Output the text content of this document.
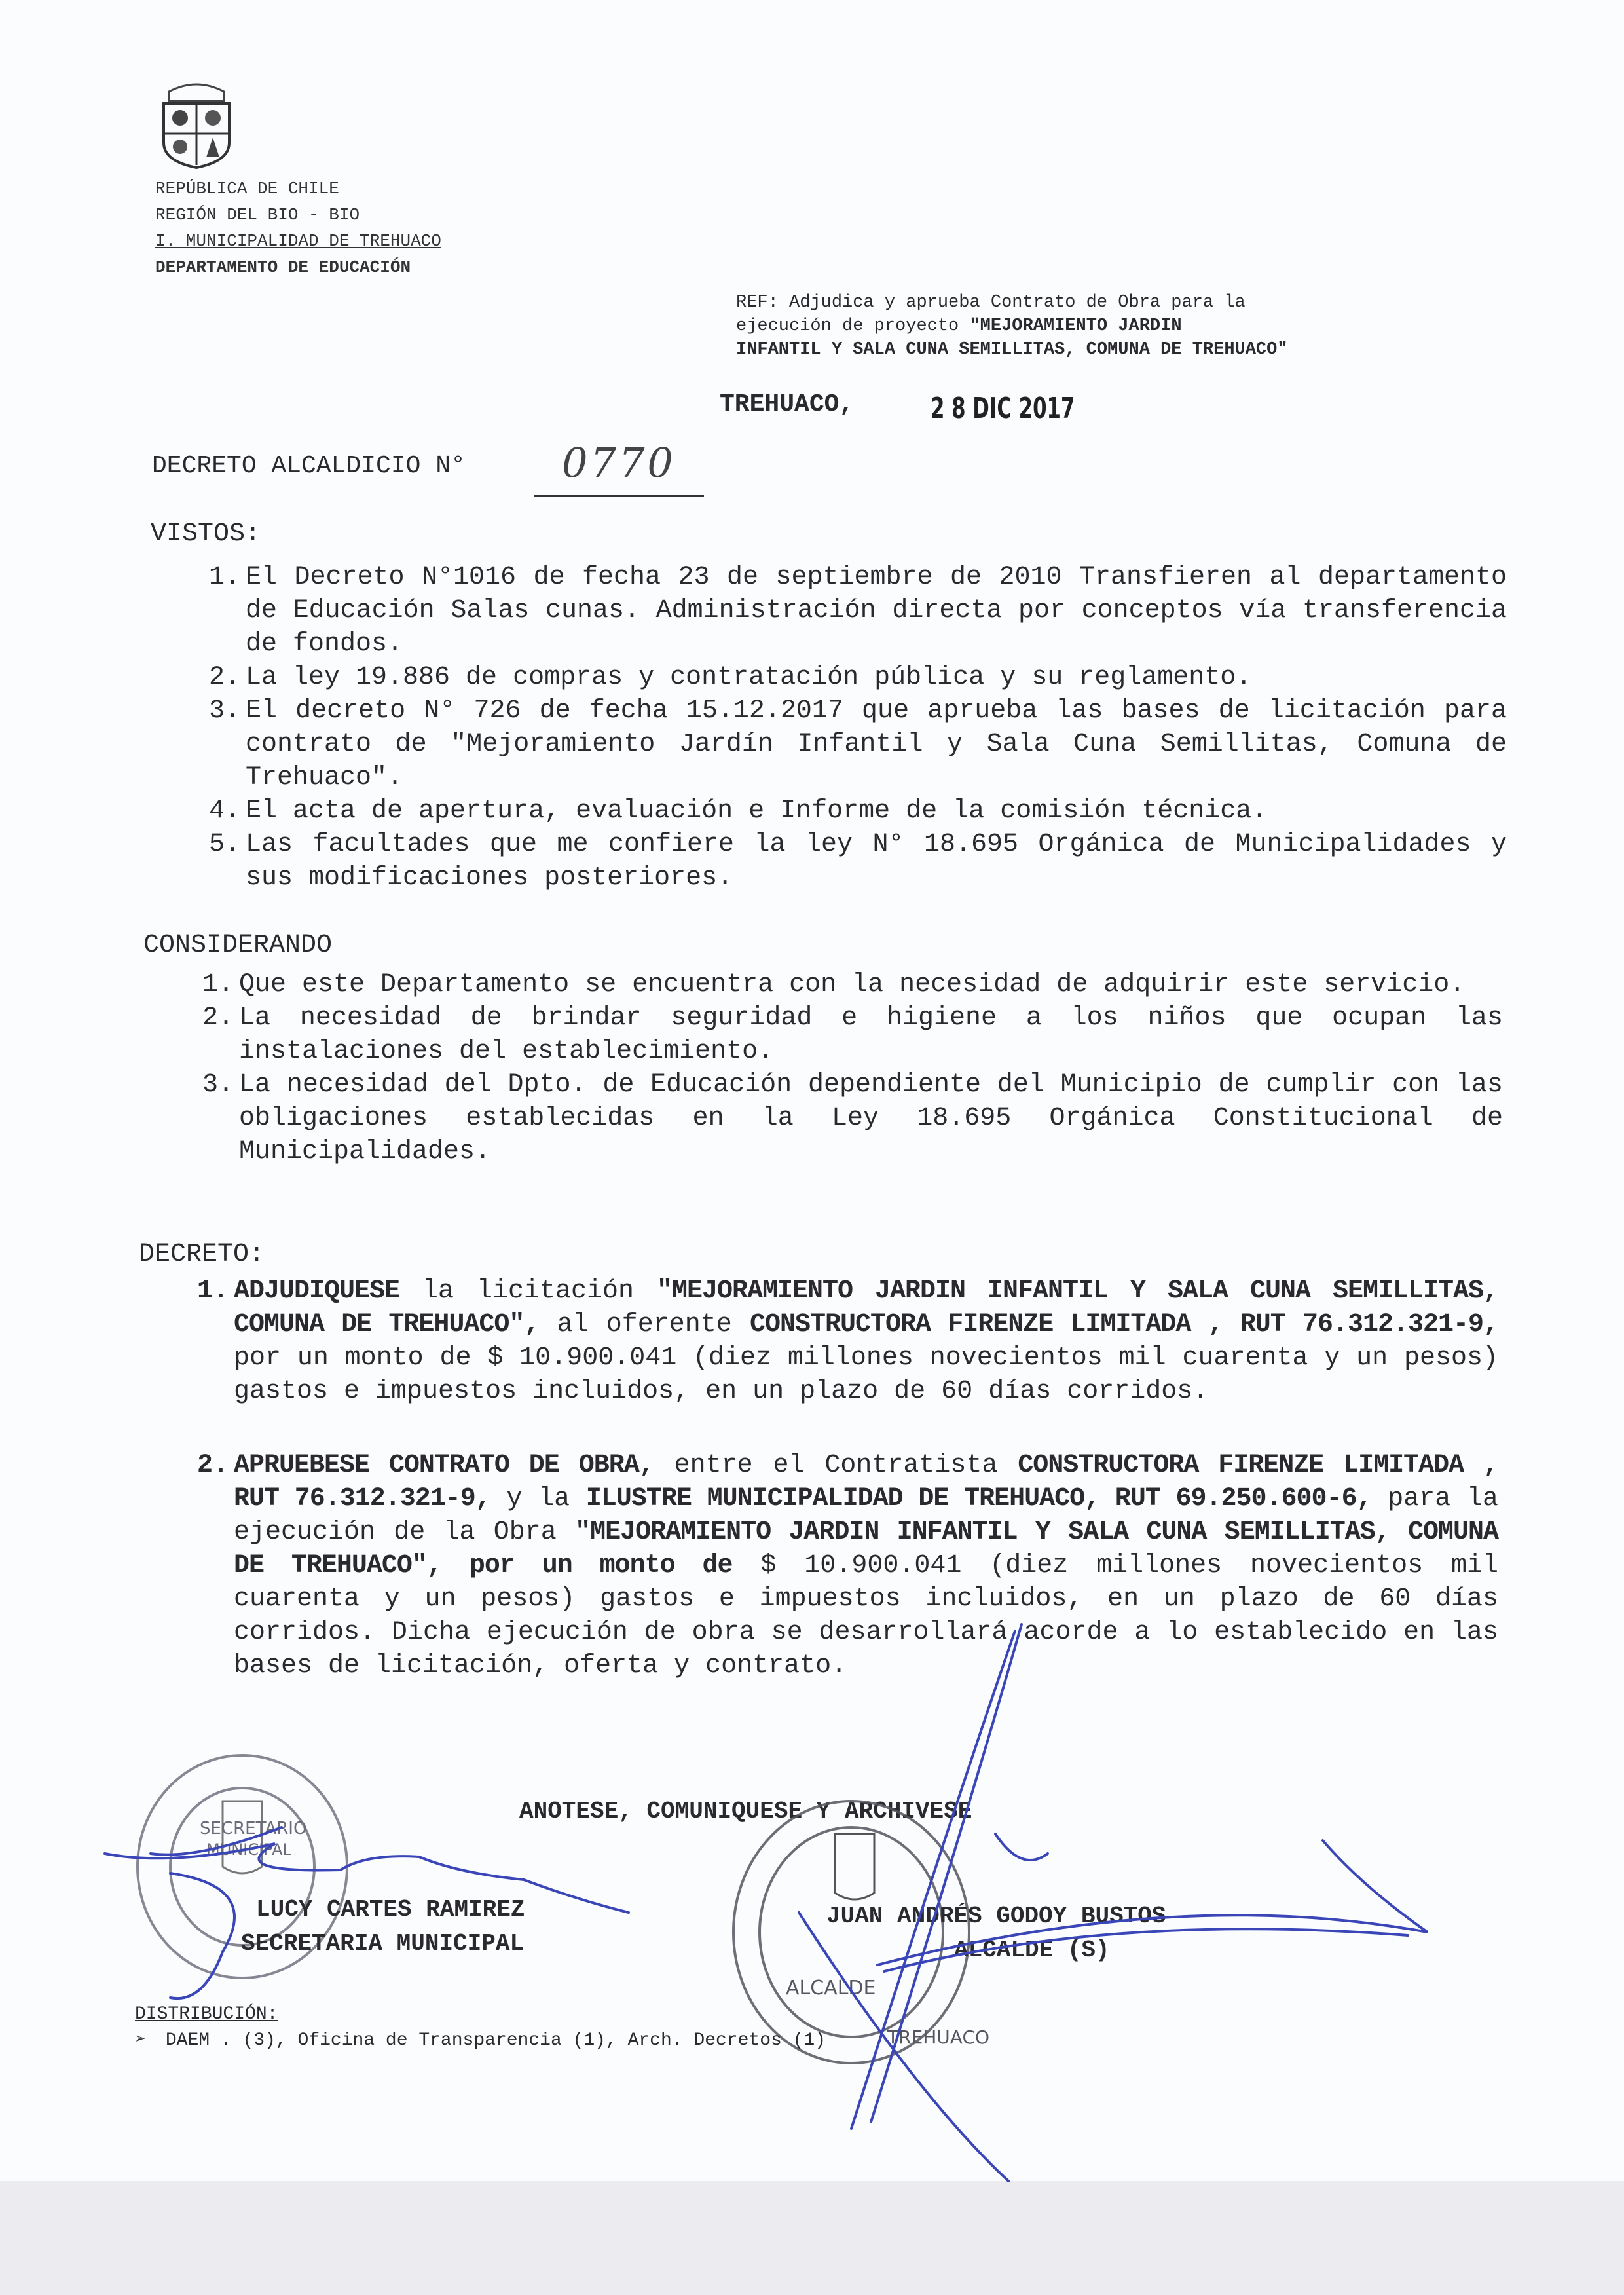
REPÚBLICA DE CHILE
REGIÓN DEL BIO - BIO
I. MUNICIPALIDAD DE TREHUACO
DEPARTAMENTO DE EDUCACIÓN
REF: Adjudica y aprueba Contrato de Obra para la
ejecución de proyecto "MEJORAMIENTO JARDIN
INFANTIL Y SALA CUNA SEMILLITAS, COMUNA DE TREHUACO"
TREHUACO,	2 8 DIC 2017
DECRETO ALCALDICIO N°	0770
VISTOS:
1. El Decreto N°1016 de fecha 23 de septiembre de 2010 Transfieren al departamento de Educación Salas cunas. Administración directa por conceptos vía transferencia de fondos.
2. La ley 19.886 de compras y contratación pública y su reglamento.
3. El decreto N° 726 de fecha 15.12.2017 que aprueba las bases de licitación para contrato de "Mejoramiento Jardín Infantil y Sala Cuna Semillitas, Comuna de Trehuaco".
4. El acta de apertura, evaluación e Informe de la comisión técnica.
5. Las facultades que me confiere la ley N° 18.695 Orgánica de Municipalidades y sus modificaciones posteriores.
CONSIDERANDO
1. Que este Departamento se encuentra con la necesidad de adquirir este servicio.
2. La necesidad de brindar seguridad e higiene a los niños que ocupan las instalaciones del establecimiento.
3. La necesidad del Dpto. de Educación dependiente del Municipio de cumplir con las obligaciones establecidas en la Ley 18.695 Orgánica Constitucional de Municipalidades.
DECRETO:
1. ADJUDIQUESE la licitación "MEJORAMIENTO JARDIN INFANTIL Y SALA CUNA SEMILLITAS, COMUNA DE TREHUACO", al oferente CONSTRUCTORA FIRENZE LIMITADA , RUT 76.312.321-9, por un monto de $ 10.900.041 (diez millones novecientos mil cuarenta y un pesos) gastos e impuestos incluidos, en un plazo de 60 días corridos.
2. APRUEBESE CONTRATO DE OBRA, entre el Contratista CONSTRUCTORA FIRENZE LIMITADA , RUT 76.312.321-9, y la ILUSTRE MUNICIPALIDAD DE TREHUACO, RUT 69.250.600-6, para la ejecución de la Obra "MEJORAMIENTO JARDIN INFANTIL Y SALA CUNA SEMILLITAS, COMUNA DE TREHUACO", por un monto de $ 10.900.041 (diez millones novecientos mil cuarenta y un pesos) gastos e impuestos incluidos, en un plazo de 60 días corridos. Dicha ejecución de obra se desarrollará acorde a lo establecido en las bases de licitación, oferta y contrato.
ANOTESE, COMUNIQUESE Y ARCHIVESE
SECRETARIO
MUNICIPAL
ALCALDE
TREHUACO
LUCY CARTES RAMIREZ
SECRETARIA MUNICIPAL
JUAN ANDRÉS GODOY BUSTOS
ALCALDE (S)
DISTRIBUCIÓN:
➢ DAEM . (3), Oficina de Transparencia (1), Arch. Decretos (1)
